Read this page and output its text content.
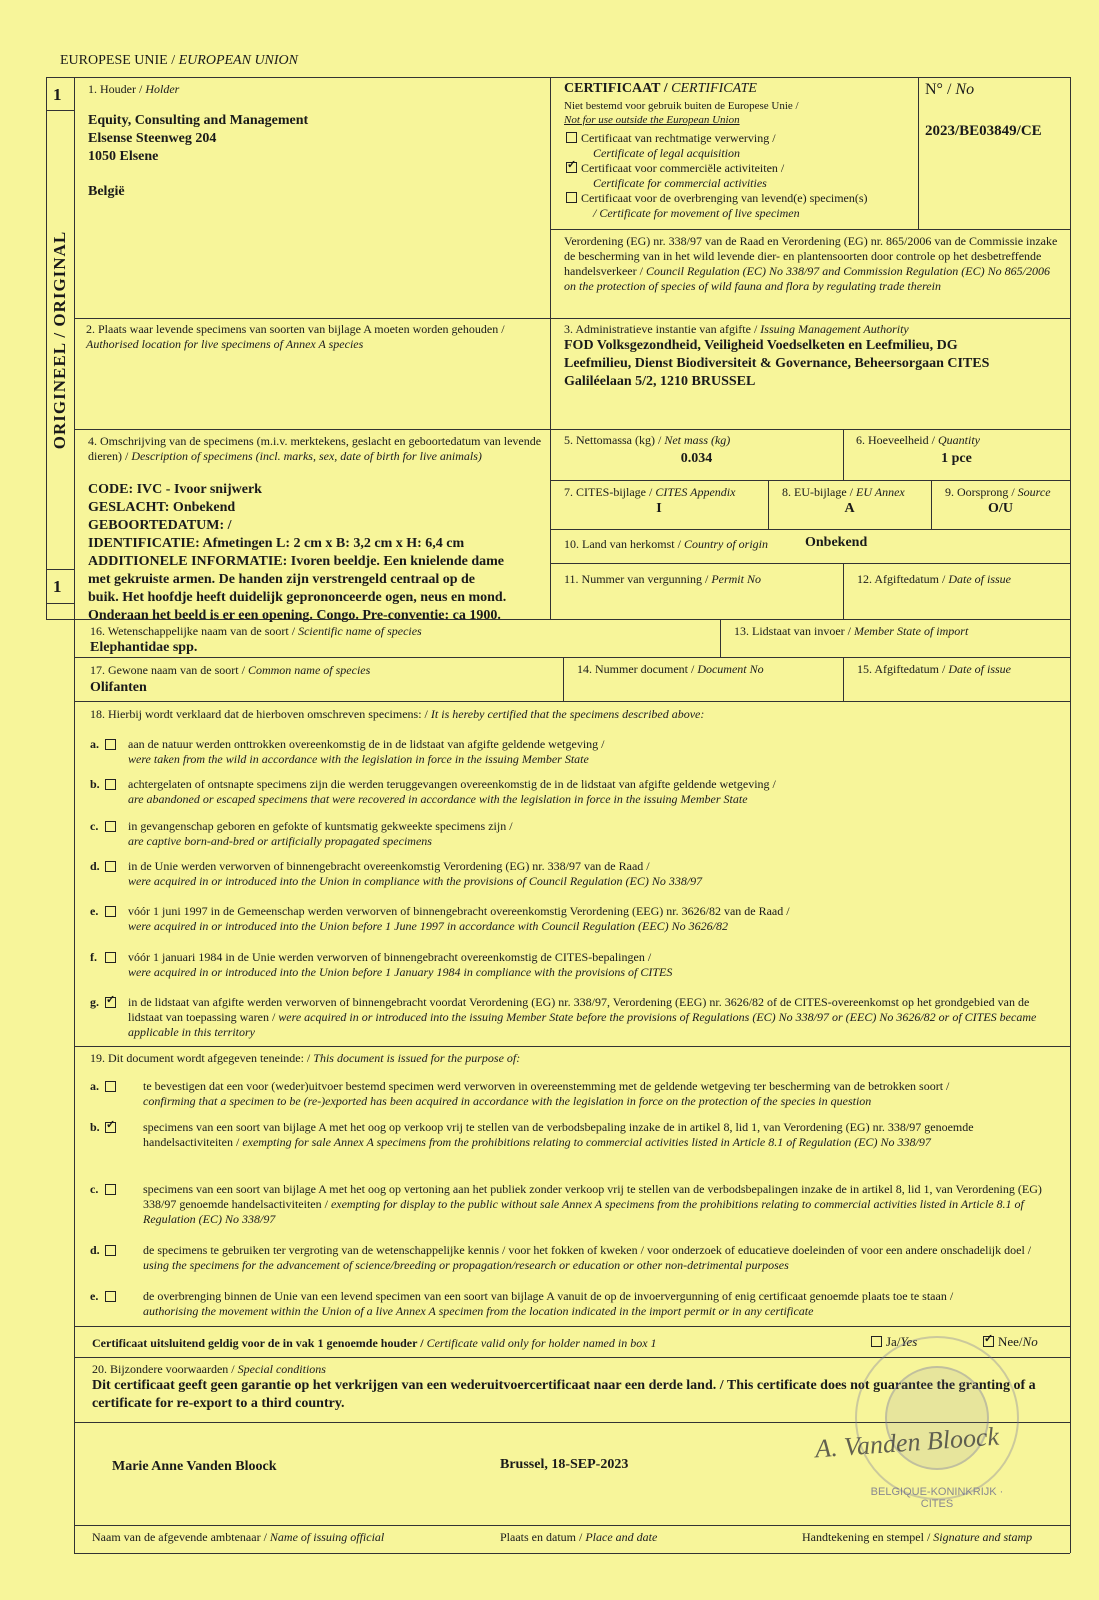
EUROPESE UNIE / EUROPEAN UNION
1
1
ORIGINEEL / ORIGINAL
1. Houder / Holder
Equity, Consulting and Management
Elsense Steenweg 204
1050 Elsene
België
CERTIFICAAT / CERTIFICATE
Niet bestemd voor gebruik buiten de Europese Unie /
Not for use outside the European Union
Certificaat van rechtmatige verwerving /
Certificate of legal acquisition
✓Certificaat voor commerciële activiteiten /
Certificate for commercial activities
Certificaat voor de overbrenging van levend(e) specimen(s)
/ Certificate for movement of live specimen
N° / No
2023/BE03849/CE
Verordening (EG) nr. 338/97 van de Raad en Verordening (EG) nr. 865/2006 van de Commissie inzake de bescherming van in het wild levende dier- en plantensoorten door controle op het desbetreffende handelsverkeer / Council Regulation (EC) No 338/97 and Commission Regulation (EC) No 865/2006 on the protection of species of wild fauna and flora by regulating trade therein
2. Plaats waar levende specimens van soorten van bijlage A moeten worden gehouden / Authorised location for live specimens of Annex A species
3. Administratieve instantie van afgifte / Issuing Management Authority
FOD Volksgezondheid, Veiligheid Voedselketen en Leefmilieu, DG
Leefmilieu, Dienst Biodiversiteit & Governance, Beheersorgaan CITES
Galiléelaan 5/2, 1210 BRUSSEL
4. Omschrijving van de specimens (m.i.v. merktekens, geslacht en geboortedatum van levende dieren) / Description of specimens (incl. marks, sex, date of birth for live animals)
CODE: IVC - Ivoor snijwerk
GESLACHT: Onbekend
GEBOORTEDATUM: /
IDENTIFICATIE: Afmetingen L: 2 cm x B: 3,2 cm x H: 6,4 cm
ADDITIONELE INFORMATIE: Ivoren beeldje. Een knielende dame
met gekruiste armen. De handen zijn verstrengeld centraal op de
buik. Het hoofdje heeft duidelijk geprononceerde ogen, neus en mond.
Onderaan het beeld is er een opening. Congo. Pre-conventie: ca 1900.
5. Nettomassa (kg) / Net mass (kg)
0.034
6. Hoeveelheid / Quantity
1 pce
7. CITES-bijlage / CITES Appendix
I
8. EU-bijlage / EU Annex
A
9. Oorsprong / Source
O/U
10. Land van herkomst / Country of origin	Onbekend
11. Nummer van vergunning / Permit No	12. Afgiftedatum / Date of issue
16. Wetenschappelijke naam van de soort / Scientific name of species
Elephantidae spp.
13. Lidstaat van invoer / Member State of import
17. Gewone naam van de soort / Common name of species
Olifanten
14. Nummer document / Document No	15. Afgiftedatum / Date of issue
18. Hierbij wordt verklaard dat de hierboven omschreven specimens: / It is hereby certified that the specimens described above:
a. aan de natuur werden onttrokken overeenkomstig de in de lidstaat van afgifte geldende wetgeving /
were taken from the wild in accordance with the legislation in force in the issuing Member State
b. achtergelaten of ontsnapte specimens zijn die werden teruggevangen overeenkomstig de in de lidstaat van afgifte geldende wetgeving /
are abandoned or escaped specimens that were recovered in accordance with the legislation in force in the issuing Member State
c. in gevangenschap geboren en gefokte of kuntsmatig gekweekte specimens zijn /
are captive born-and-bred or artificially propagated specimens
d. in de Unie werden verworven of binnengebracht overeenkomstig Verordening (EG) nr. 338/97 van de Raad /
were acquired in or introduced into the Union in compliance with the provisions of Council Regulation (EC) No 338/97
e. vóór 1 juni 1997 in de Gemeenschap werden verworven of binnengebracht overeenkomstig Verordening (EEG) nr. 3626/82 van de Raad /
were acquired in or introduced into the Union before 1 June 1997 in accordance with Council Regulation (EEC) No 3626/82
f.	vóór 1 januari 1984 in de Unie werden verworven of binnengebracht overeenkomstig de CITES-bepalingen /
were acquired in or introduced into the Union before 1 January 1984 in compliance with the provisions of CITES
g. ✓ in de lidstaat van afgifte werden verworven of binnengebracht voordat Verordening (EG) nr. 338/97, Verordening (EEG) nr. 3626/82 of de CITES-overeenkomst op het grondgebied van de lidstaat van toepassing waren / were acquired in or introduced into the issuing Member State before the provisions of Regulations (EC) No 338/97 or (EEC) No 3626/82 or of CITES became applicable in this territory
19. Dit document wordt afgegeven teneinde: / This document is issued for the purpose of:
a.	te bevestigen dat een voor (weder)uitvoer bestemd specimen werd verworven in overeenstemming met de geldende wetgeving ter bescherming van de betrokken soort /
confirming that a specimen to be (re-)exported has been acquired in accordance with the legislation in force on the protection of the species in question
b. ✓	specimens van een soort van bijlage A met het oog op verkoop vrij te stellen van de verbodsbepaling inzake de in artikel 8, lid 1, van Verordening (EG) nr. 338/97 genoemde handelsactiviteiten / exempting for sale Annex A specimens from the prohibitions relating to commercial activities listed in Article 8.1 of Regulation (EC) No 338/97
c.	specimens van een soort van bijlage A met het oog op vertoning aan het publiek zonder verkoop vrij te stellen van de verbodsbepalingen inzake de in artikel 8, lid 1, van Verordening (EG) 338/97 genoemde handelsactiviteiten / exempting for display to the public without sale Annex A specimens from the prohibitions relating to commercial activities listed in Article 8.1 of Regulation (EC) No 338/97
d.	de specimens te gebruiken ter vergroting van de wetenschappelijke kennis / voor het fokken of kweken / voor onderzoek of educatieve doeleinden of voor een andere onschadelijk doel / using the specimens for the advancement of science/breeding or propagation/research or education or other non-detrimental purposes
e.	de overbrenging binnen de Unie van een levend specimen van een soort van bijlage A vanuit de op de invoervergunning of enig certificaat genoemde plaats toe te staan /
authorising the movement within the Union of a live Annex A specimen from the location indicated in the import permit or in any certificate
Certificaat uitsluitend geldig voor de in vak 1 genoemde houder / Certificate valid only for holder named in box 1	Ja/Yes ✓	Nee/No
20. Bijzondere voorwaarden / Special conditions
Dit certificaat geeft geen garantie op het verkrijgen van een wederuitvoercertificaat naar een derde land. / This certificate does not guarantee the granting of a certificate for re-export to a third country.
Marie Anne Vanden Bloock	Brussel, 18-SEP-2023
BELGIQUE-KONINKRIJK · CITES
A. Vanden Bloock
Naam van de afgevende ambtenaar / Name of issuing official	Plaats en datum / Place and date	Handtekening en stempel / Signature and stamp
